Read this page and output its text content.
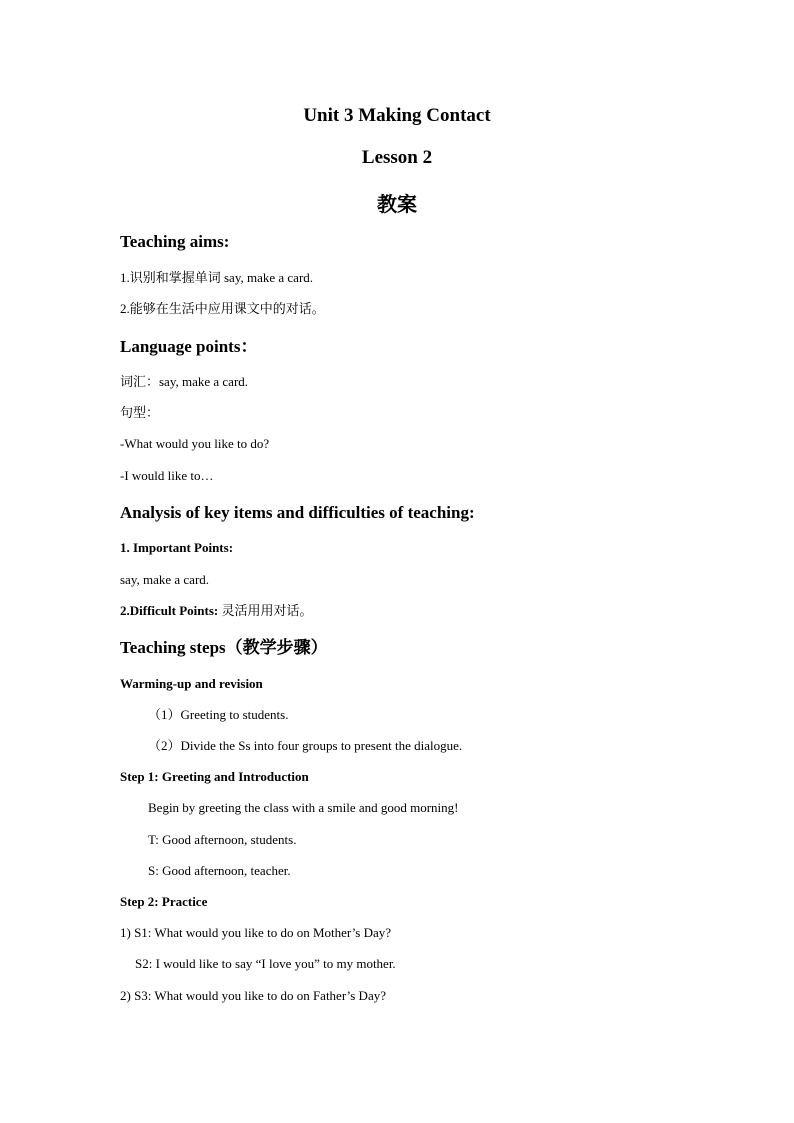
Unit 3 Making Contact
Lesson 2
教案
Teaching aims:
1.识别和掌握单词 say, make a card.
2.能够在生活中应用课文中的对话。
Language points：
词汇：say, make a card.
句型：
-What would you like to do?
-I would like to…
Analysis of key items and difficulties of teaching:
1. Important Points:
say, make a card.
2.Difficult Points: 灵活用用对话。
Teaching steps（教学步骤）
Warming-up and revision
（1）Greeting to students.
（2）Divide the Ss into four groups to present the dialogue.
Step 1: Greeting and Introduction
Begin by greeting the class with a smile and good morning!
T: Good afternoon, students.
S: Good afternoon, teacher.
Step 2: Practice
1) S1: What would you like to do on Mother’s Day?
S2: I would like to say “I love you” to my mother.
2) S3: What would you like to do on Father’s Day?
